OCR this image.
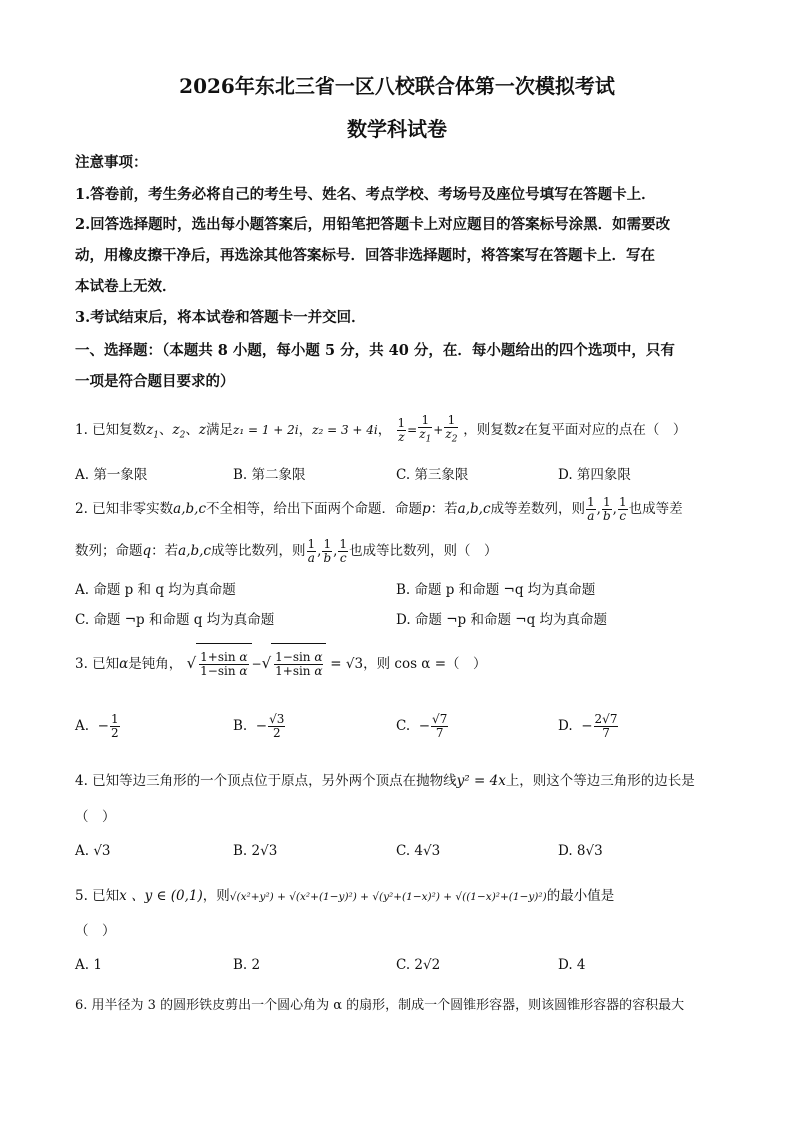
2026年东北三省一区八校联合体第一次模拟考试
数学科试卷
注意事项：
1.答卷前，考生务必将自己的考生号、姓名、考点学校、考场号及座位号填写在答题卡上．
2.回答选择题时，选出每小题答案后，用铅笔把答题卡上对应题目的答案标号涂黑．如需要改
动，用橡皮擦干净后，再选涂其他答案标号．回答非选择题时，将答案写在答题卡上．写在
本试卷上无效．
3.考试结束后，将本试卷和答题卡一并交回．
一、选择题：（本题共 8 小题，每小题 5 分，共 40 分，在．每小题给出的四个选项中，只有
一项是符合题目要求的）
1. 已知复数$z_1$、$z_2$、z满足z₁ = 1 + 2i，z₂ = 3 + 4i， $\frac{1}{z} = \frac{1}{z_1} + \frac{1}{z_2}$ ，则复数z在复平面对应的点在（　）
A. 第一象限	B. 第二象限	C. 第三象限	D. 第四象限
2. 已知非零实数a,b,c不全相等，给出下面两个命题．命题p：若a,b,c成等差数列，则 $\frac{1}{a}$ , $\frac{1}{b}$ , $\frac{1}{c}$ 也成等差
数列；命题q：若a,b,c成等比数列，则 $\frac{1}{a}$ , $\frac{1}{b}$ , $\frac{1}{c}$ 也成等比数列，则（　）
A. 命题 p 和 q 均为真命题	B. 命题 p 和命题 ¬q 均为真命题
C. 命题 ¬p 和命题 q 均为真命题	D. 命题 ¬p 和命题 ¬q 均为真命题
3. 已知α是钝角， √ $\frac{\text{1+sin α}}{\text{1−sin α}}$ −√ $\frac{\text{1−sin α}}{\text{1+sin α}} = √3$，则 cos α =（　）
A.  − $\frac{1}{2}$	B.  − $\frac{√3}{2}$	C.  − $\frac{√7}{7}$	D.  − $\frac{2√7}{7}$
4. 已知等边三角形的一个顶点位于原点，另外两个顶点在抛物线y² = 4x上，则这个等边三角形的边长是
（　）
A. √3	B. 2√3	C. 4√3	D. 8√3
5. 已知x 、y ∈ (0,1)，则√(x²+y²) + √(x²+(1−y)²) + √(y²+(1−x)²) + √((1−x)²+(1−y)²)的最小值是
（　）
A. 1	B. 2	C. 2√2	D. 4
6. 用半径为 3 的圆形铁皮剪出一个圆心角为 α 的扇形，制成一个圆锥形容器，则该圆锥形容器的容积最大
